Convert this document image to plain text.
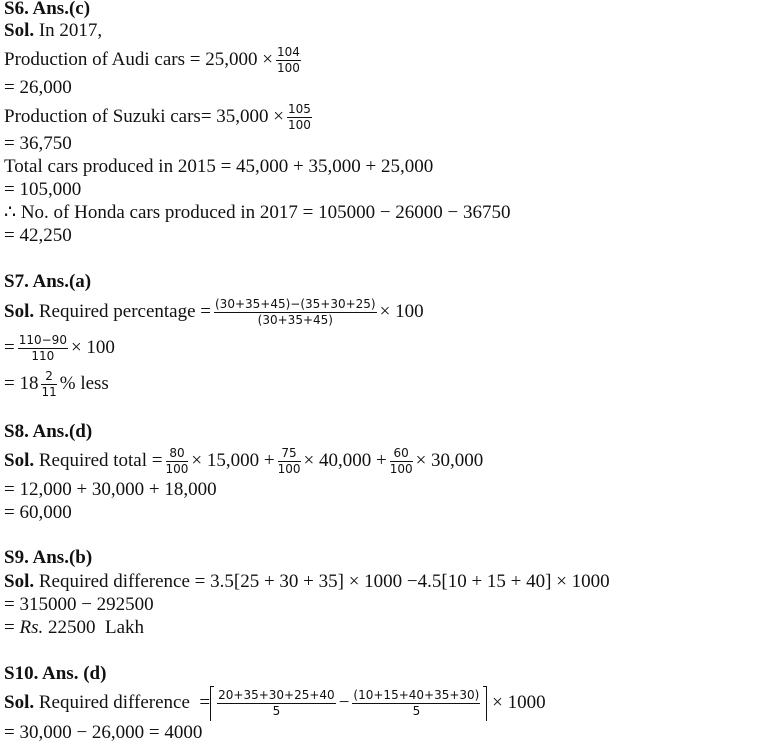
S6. Ans.(c)
Sol. In 2017,
Production of Audi cars = $25,000 \times \frac{104}{100}$
= 26,000
Production of Suzuki cars= $35,000 \times \frac{105}{100}$
= 36,750
Total cars produced in 2015 = 45,000 + 35,000 + 25,000
= 105,000
∴ No. of Honda cars produced in 2017 = 105000 − 26000 − 36750
= 42,250
S7. Ans.(a)
Sol. Required percentage = $\frac{(30+35+45)-(35+30+25)}{(30+35+45)} \times 100$
= $\frac{110-90}{110} \times 100$
= $18 \frac{2}{11}$ % less
S8. Ans.(d)
Sol. Required total = $\frac{80}{100} \times 15,000 + \frac{75}{100} \times 40,000 + \frac{60}{100} \times 30,000$
= 12,000 + 30,000 + 18,000
= 60,000
S9. Ans.(b)
Sol. Required difference = 3.5[25 + 30 + 35] × 1000 −4.5[10 + 15 + 40] × 1000
= 315000 − 292500
= Rs. 22500  Lakh
S10. Ans. (d)
Sol. Required difference  = $\frac{20+35+30+25+40}{5} - \frac{(10+15+40+35+30)}{5} \times 1000$
= 30,000 − 26,000 = 4000
